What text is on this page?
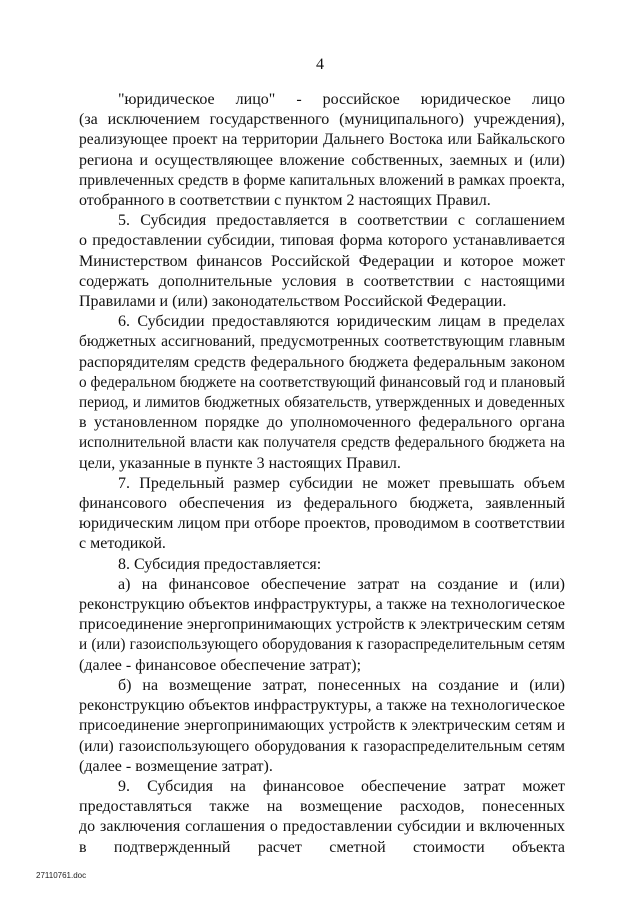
4
"юридическое лицо" - российское юридическое лицо
(за исключением государственного (муниципального) учреждения),
реализующее проект на территории Дальнего Востока или Байкальского
региона и осуществляющее вложение собственных, заемных и (или)
привлеченных средств в форме капитальных вложений в рамках проекта,
отобранного в соответствии с пунктом 2 настоящих Правил.
5. Субсидия предоставляется в соответствии с соглашением
о предоставлении субсидии, типовая форма которого устанавливается
Министерством финансов Российской Федерации и которое может
содержать дополнительные условия в соответствии с настоящими
Правилами и (или) законодательством Российской Федерации.
6. Субсидии предоставляются юридическим лицам в пределах
бюджетных ассигнований, предусмотренных соответствующим главным
распорядителям средств федерального бюджета федеральным законом
о федеральном бюджете на соответствующий финансовый год и плановый
период, и лимитов бюджетных обязательств, утвержденных и доведенных
в установленном порядке до уполномоченного федерального органа
исполнительной власти как получателя средств федерального бюджета на
цели, указанные в пункте 3 настоящих Правил.
7. Предельный размер субсидии не может превышать объем
финансового обеспечения из федерального бюджета, заявленный
юридическим лицом при отборе проектов, проводимом в соответствии
с методикой.
8. Субсидия предоставляется:
а) на финансовое обеспечение затрат на создание и (или)
реконструкцию объектов инфраструктуры, а также на технологическое
присоединение энергопринимающих устройств к электрическим сетям
и (или) газоиспользующего оборудования к газораспределительным сетям
(далее - финансовое обеспечение затрат);
б) на возмещение затрат, понесенных на создание и (или)
реконструкцию объектов инфраструктуры, а также на технологическое
присоединение энергопринимающих устройств к электрическим сетям и
(или) газоиспользующего оборудования к газораспределительным сетям
(далее - возмещение затрат).
9. Субсидия на финансовое обеспечение затрат может
предоставляться также на возмещение расходов, понесенных
до заключения соглашения о предоставлении субсидии и включенных
в подтвержденный расчет сметной стоимости объекта
27110761.doc
